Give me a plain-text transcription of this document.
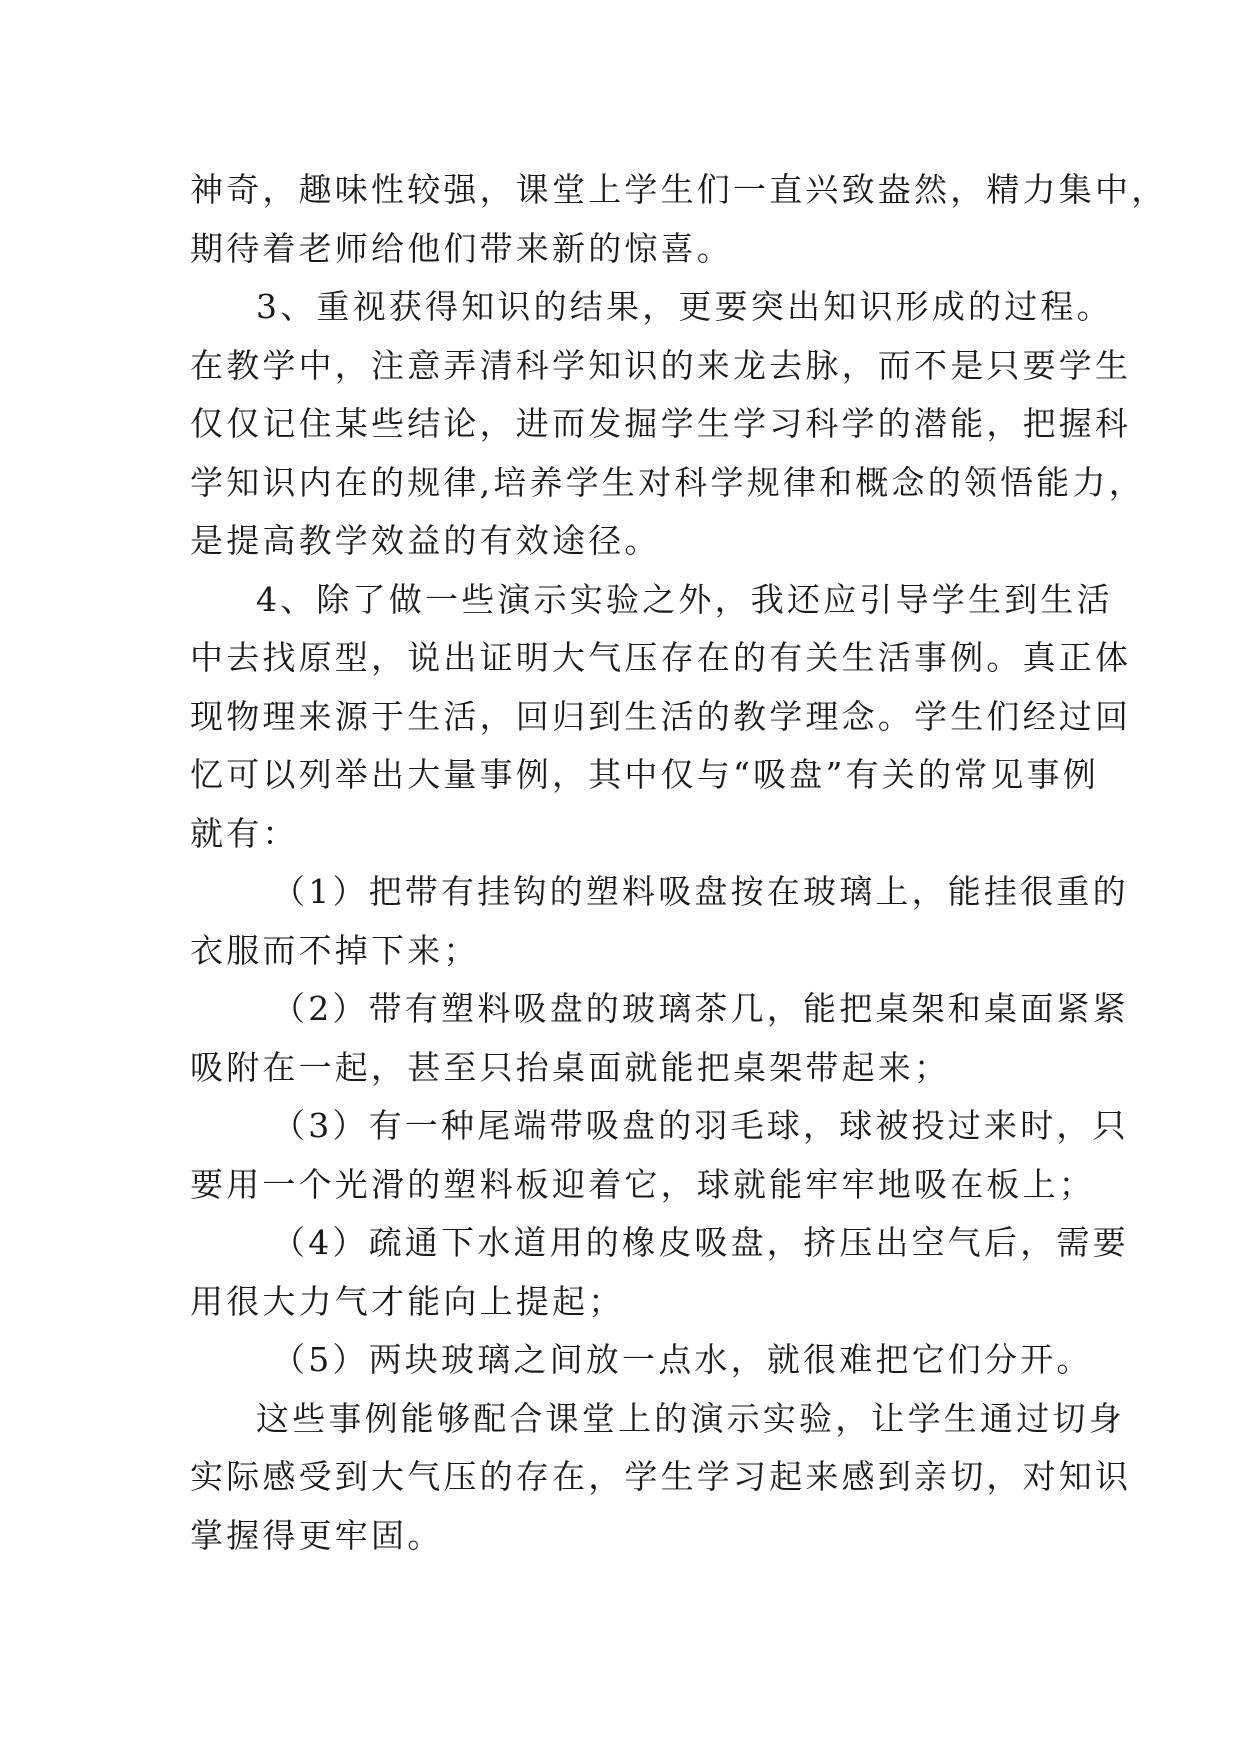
神奇，趣味性较强，课堂上学生们一直兴致盎然，精力集中，
期待着老师给他们带来新的惊喜。

3、重视获得知识的结果，更要突出知识形成的过程。
在教学中，注意弄清科学知识的来龙去脉，而不是只要学生
仅仅记住某些结论，进而发掘学生学习科学的潜能，把握科
学知识内在的规律,培养学生对科学规律和概念的领悟能力，
是提高教学效益的有效途径。

4、除了做一些演示实验之外，我还应引导学生到生活
中去找原型，说出证明大气压存在的有关生活事例。真正体
现物理来源于生活，回归到生活的教学理念。学生们经过回
忆可以列举出大量事例，其中仅与“吸盘”有关的常见事例
就有：

（1）把带有挂钩的塑料吸盘按在玻璃上，能挂很重的
衣服而不掉下来；

（2）带有塑料吸盘的玻璃茶几，能把桌架和桌面紧紧
吸附在一起，甚至只抬桌面就能把桌架带起来；

（3）有一种尾端带吸盘的羽毛球，球被投过来时，只
要用一个光滑的塑料板迎着它，球就能牢牢地吸在板上；

（4）疏通下水道用的橡皮吸盘，挤压出空气后，需要
用很大力气才能向上提起；

（5）两块玻璃之间放一点水，就很难把它们分开。

这些事例能够配合课堂上的演示实验，让学生通过切身
实际感受到大气压的存在，学生学习起来感到亲切，对知识
掌握得更牢固。
